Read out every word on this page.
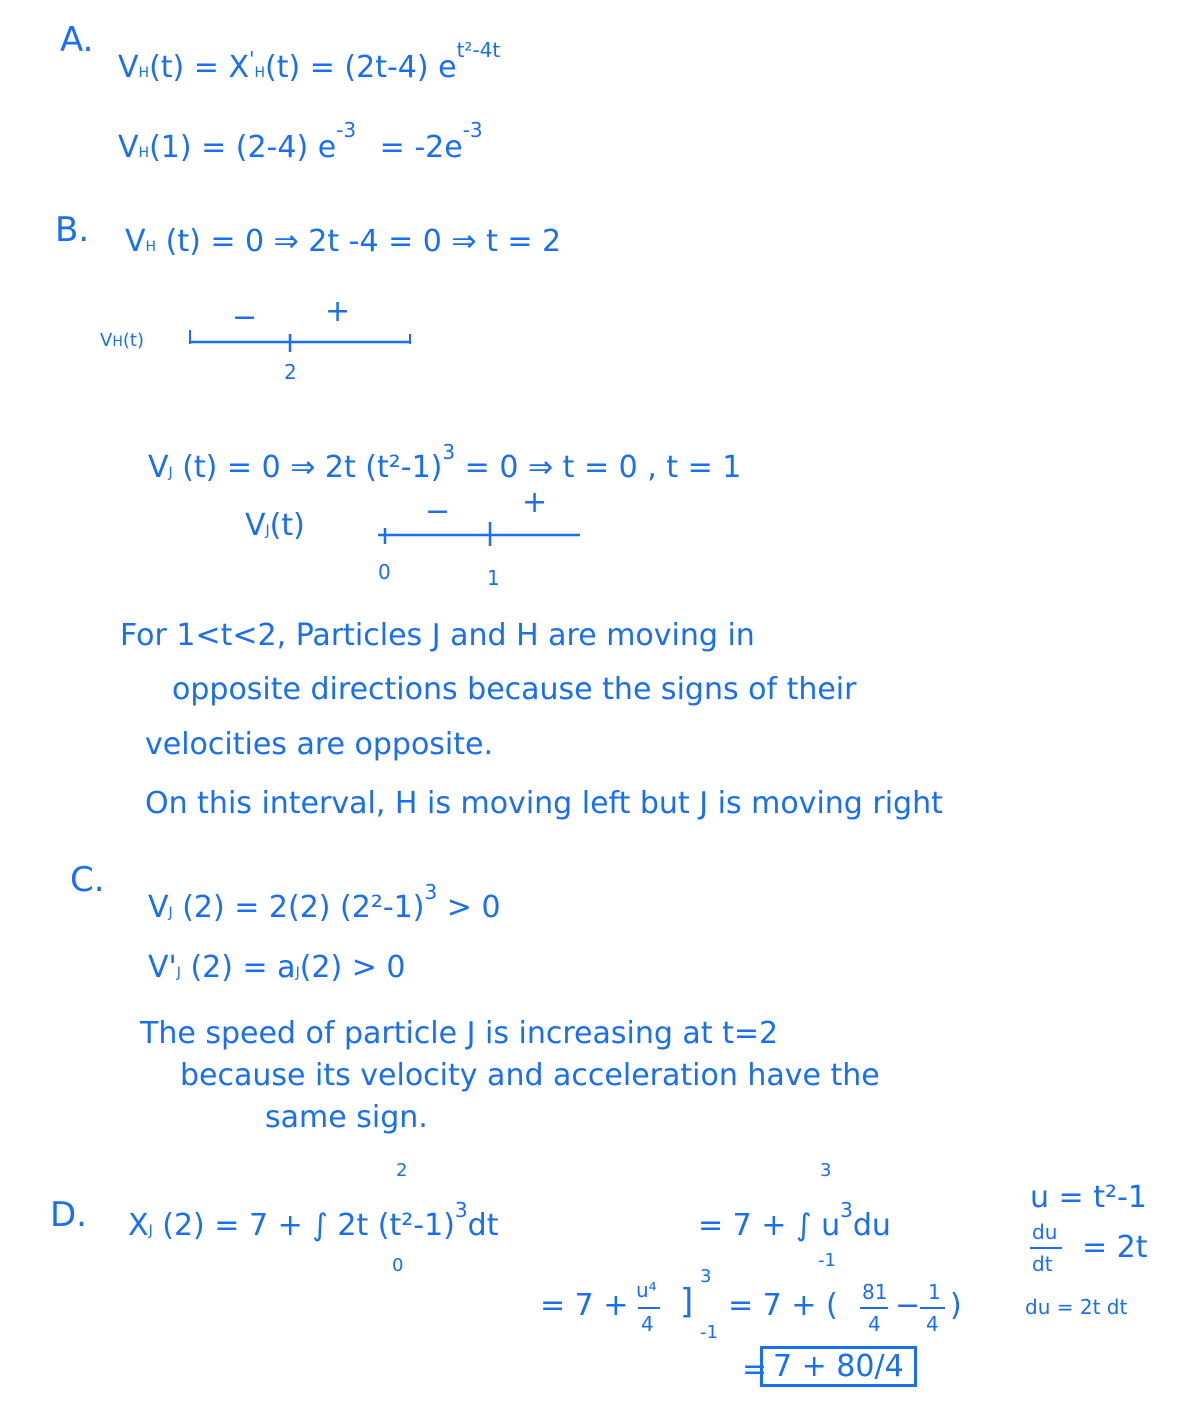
A.
VH(t) = X'H(t) = (2t-4) $e^{t^2-4t}$
VH(1) = (2-4) $e^{-3} = -2e^{-3}$
B. VH (t) = 0 ⇒ 2t -4 = 0 ⇒ t = 2
VH(t)
− +
2
VJ (t) = 0 ⇒ 2t $(t^2-1)^3 = 0$ ⇒ t = 0 , t = 1
VJ(t)	− +
0	1
For 1<t<2, Particles J and H are moving in
opposite directions because the signs of their
velocities are opposite.
On this interval, H is moving left but J is moving right
C.
VJ (2) = 2(2) $(2^2-1)^3 > 0$
V'J (2) = aJ(2) > 0
The speed of particle J is increasing at t=2
because its velocity and acceleration have the
same sign.
D.
2
0
XJ (2) = 7 + ∫ 2t $(t^2-1)^3dt$
3
-1
= 7 + ∫ $u^3du$
u = t²-1
du
dt = 2t
du = 2t dt
= 7 + u⁴
4
]
3
-1
= 7 + ( 81
4
− 1
4
)
= 7 + 80/4
